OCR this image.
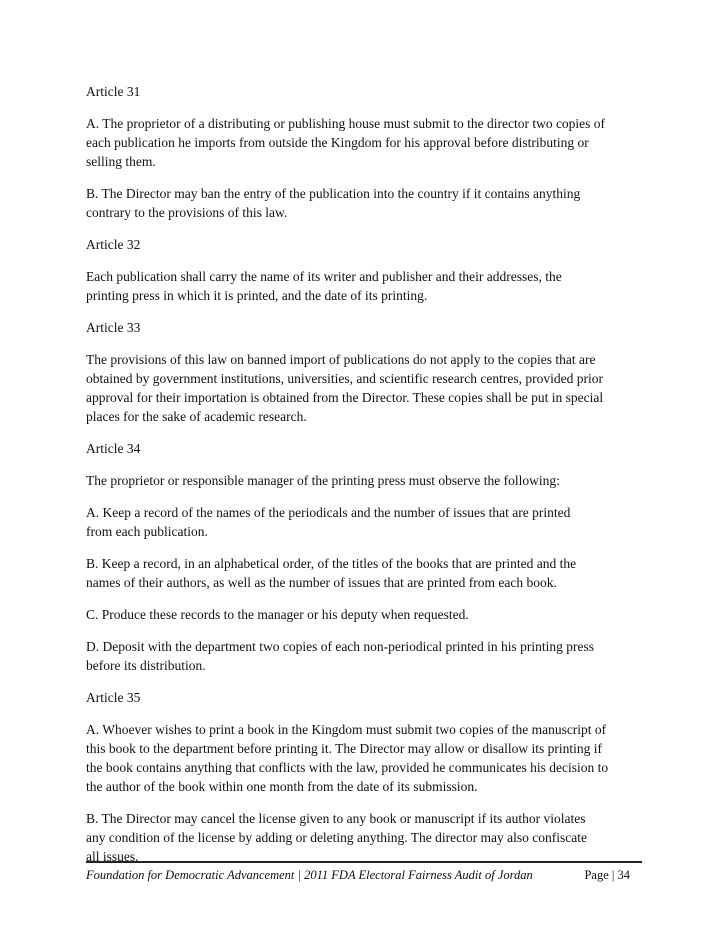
Article 31

A. The proprietor of a distributing or publishing house must submit to the director two copies of
each publication he imports from outside the Kingdom for his approval before distributing or
selling them.

B. The Director may ban the entry of the publication into the country if it contains anything
contrary to the provisions of this law.

Article 32

Each publication shall carry the name of its writer and publisher and their addresses, the
printing press in which it is printed, and the date of its printing.

Article 33

The provisions of this law on banned import of publications do not apply to the copies that are
obtained by government institutions, universities, and scientific research centres, provided prior
approval for their importation is obtained from the Director. These copies shall be put in special
places for the sake of academic research.

Article 34

The proprietor or responsible manager of the printing press must observe the following:

A. Keep a record of the names of the periodicals and the number of issues that are printed
from each publication.

B. Keep a record, in an alphabetical order, of the titles of the books that are printed and the
names of their authors, as well as the number of issues that are printed from each book.

C. Produce these records to the manager or his deputy when requested.

D. Deposit with the department two copies of each non-periodical printed in his printing press
before its distribution.

Article 35

A. Whoever wishes to print a book in the Kingdom must submit two copies of the manuscript of
this book to the department before printing it. The Director may allow or disallow its printing if
the book contains anything that conflicts with the law, provided he communicates his decision to
the author of the book within one month from the date of its submission.

B. The Director may cancel the license given to any book or manuscript if its author violates
any condition of the license by adding or deleting anything. The director may also confiscate
all issues.

Foundation for Democratic Advancement | 2011 FDA Electoral Fairness Audit of Jordan	Page | 34
